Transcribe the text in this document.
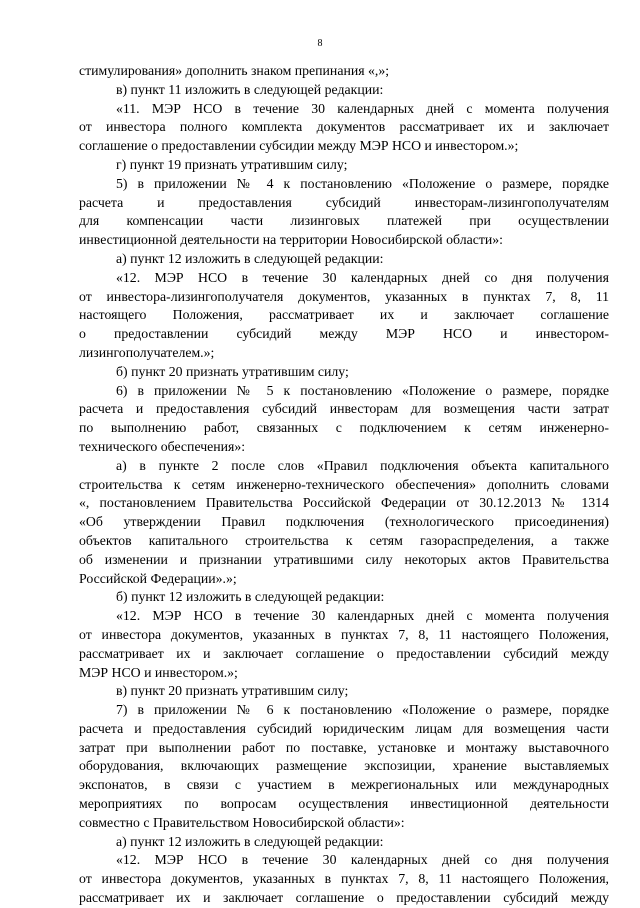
8
стимулирования» дополнить знаком препинания «,»;
в) пункт 11 изложить в следующей редакции:
«11. МЭР НСО в течение 30 календарных дней с момента получения
от инвестора полного комплекта документов рассматривает их и заключает
соглашение о предоставлении субсидии между МЭР НСО и инвестором.»;
г) пункт 19 признать утратившим силу;
5) в приложении № 4 к постановлению «Положение о размере, порядке
расчета и предоставления субсидий инвесторам-лизингополучателям
для компенсации части лизинговых платежей при осуществлении
инвестиционной деятельности на территории Новосибирской области»:
а) пункт 12 изложить в следующей редакции:
«12. МЭР НСО в течение 30 календарных дней со дня получения
от инвестора-лизингополучателя документов, указанных в пунктах 7, 8, 11
настоящего Положения, рассматривает их и заключает соглашение
о предоставлении субсидий между МЭР НСО и инвестором-
лизингополучателем.»;
б) пункт 20 признать утратившим силу;
6) в приложении № 5 к постановлению «Положение о размере, порядке
расчета и предоставления субсидий инвесторам для возмещения части затрат
по выполнению работ, связанных с подключением к сетям инженерно-
технического обеспечения»:
а) в пункте 2 после слов «Правил подключения объекта капитального
строительства к сетям инженерно-технического обеспечения» дополнить словами
«, постановлением Правительства Российской Федерации от 30.12.2013 № 1314
«Об утверждении Правил подключения (технологического присоединения)
объектов капитального строительства к сетям газораспределения, а также
об изменении и признании утратившими силу некоторых актов Правительства
Российской Федерации».»;
б) пункт 12 изложить в следующей редакции:
«12. МЭР НСО в течение 30 календарных дней с момента получения
от инвестора документов, указанных в пунктах 7, 8, 11 настоящего Положения,
рассматривает их и заключает соглашение о предоставлении субсидий между
МЭР НСО и инвестором.»;
в) пункт 20 признать утратившим силу;
7) в приложении № 6 к постановлению «Положение о размере, порядке
расчета и предоставления субсидий юридическим лицам для возмещения части
затрат при выполнении работ по поставке, установке и монтажу выставочного
оборудования, включающих размещение экспозиции, хранение выставляемых
экспонатов, в связи с участием в межрегиональных или международных
мероприятиях по вопросам осуществления инвестиционной деятельности
совместно с Правительством Новосибирской области»:
а) пункт 12 изложить в следующей редакции:
«12. МЭР НСО в течение 30 календарных дней со дня получения
от инвестора документов, указанных в пунктах 7, 8, 11 настоящего Положения,
рассматривает их и заключает соглашение о предоставлении субсидий между
